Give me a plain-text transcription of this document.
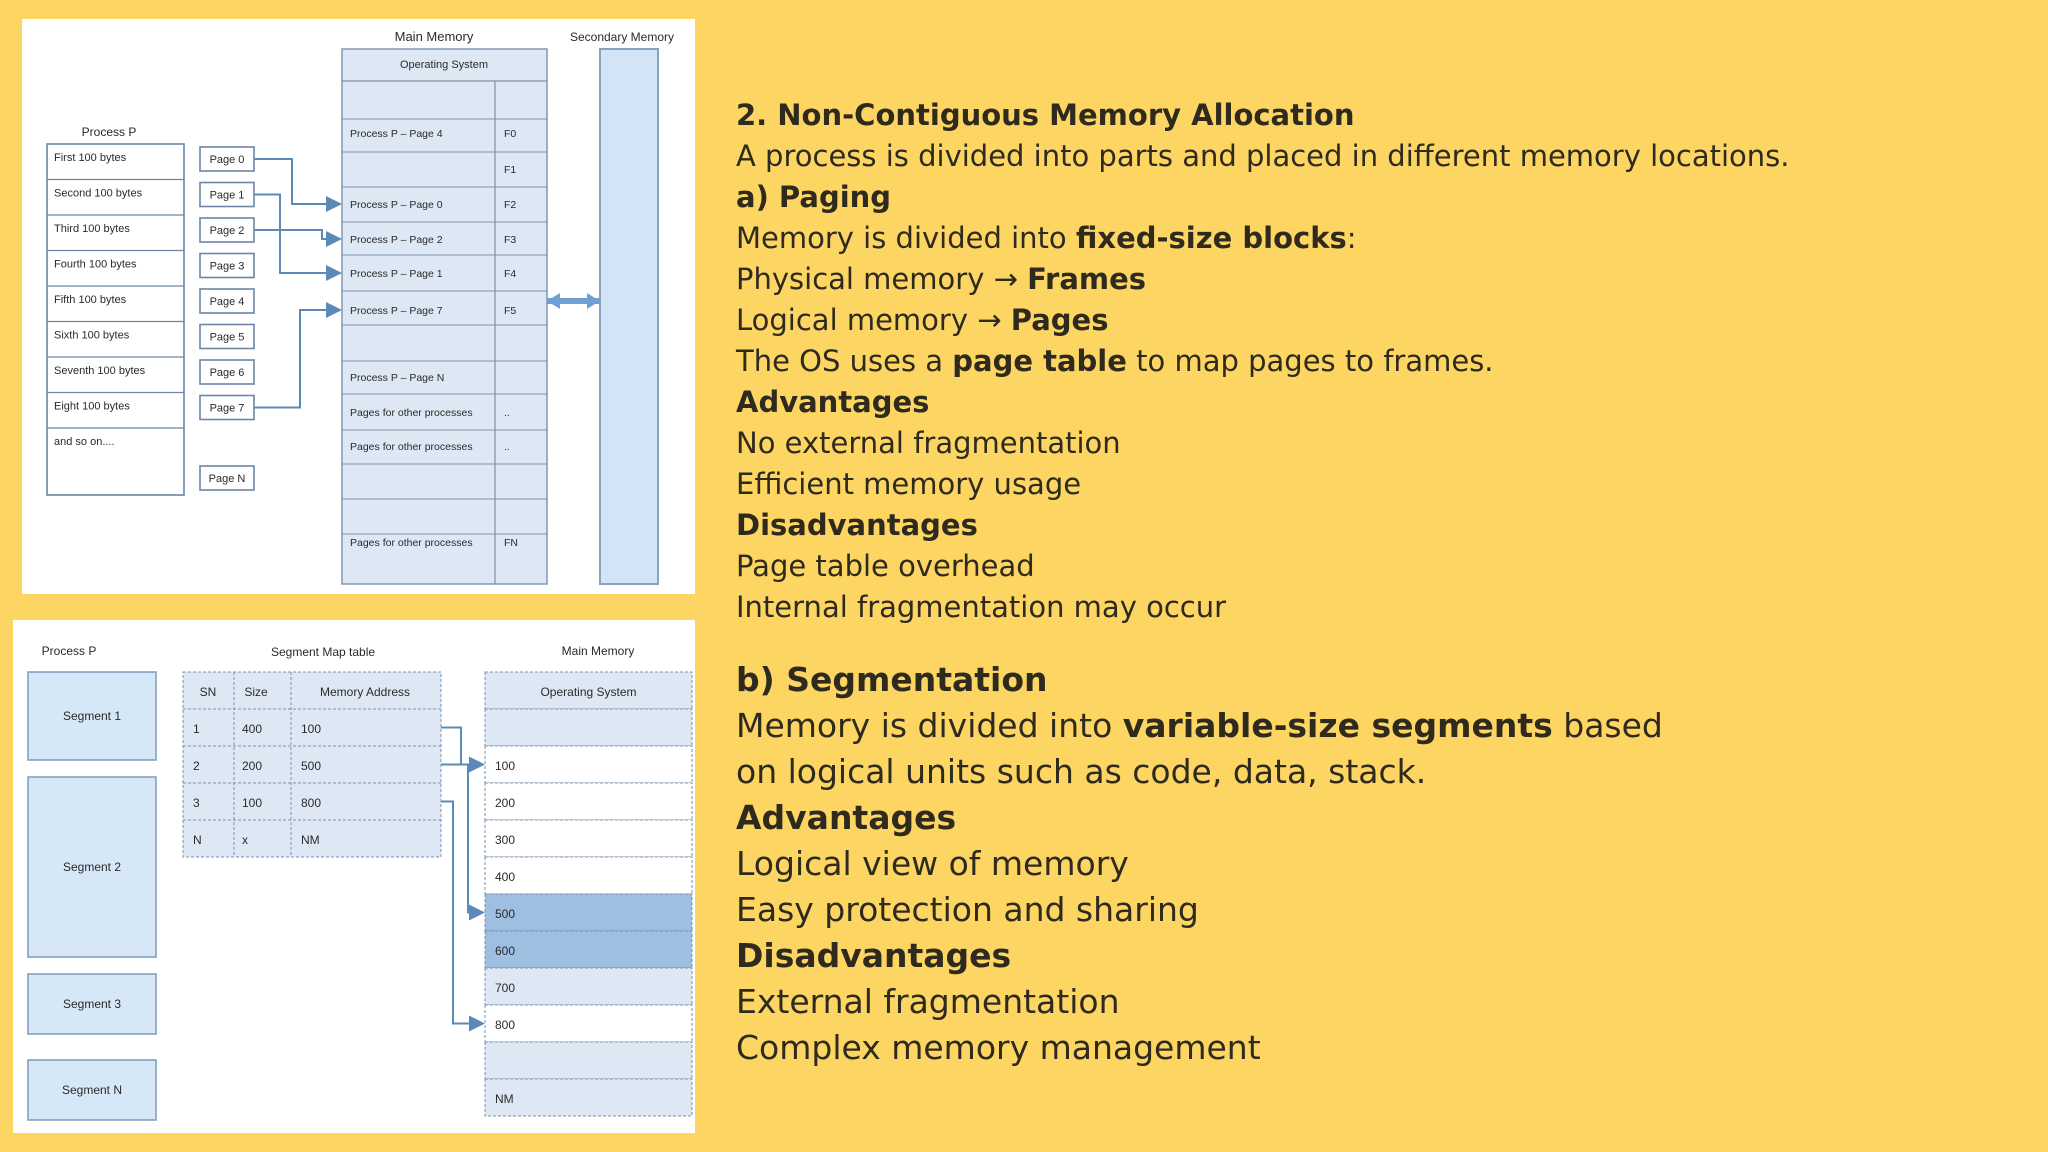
Main Memory	Secondary Memory
Operating System
Process P – Page 4	F0
F1
Process P – Page 0	F2
Process P – Page 2	F3
Process P – Page 1	F4
Process P – Page 7	F5
Process P – Page N
Pages for other processes	..
Pages for other processes	..
Pages for other processes	FN
Process P
First 100 bytes
Second 100 bytes
Third 100 bytes
Fourth 100 bytes
Fifth 100 bytes
Sixth 100 bytes
Seventh 100 bytes
Eight 100 bytes
and so on....
Page 0
Page 1
Page 2
Page 3
Page 4
Page 5
Page 6
Page 7
Page N
Process P	Segment Map table	Main Memory
Segment 1
Segment 2
Segment 3
Segment N
SN Size	Memory Address
1	400	100
2	200	500
3	100	800
N	x	NM
Operating System
100
200
300
400
500
600
700
800
NM
2. Non-Contiguous Memory Allocation
A process is divided into parts and placed in different memory locations.
a) Paging
Memory is divided into fixed-size blocks:
Physical memory → Frames
Logical memory → Pages
The OS uses a page table to map pages to frames.
Advantages
No external fragmentation
Efficient memory usage
Disadvantages
Page table overhead
Internal fragmentation may occur
b) Segmentation
Memory is divided into variable-size segments based
on logical units such as code, data, stack.
Advantages
Logical view of memory
Easy protection and sharing
Disadvantages
External fragmentation
Complex memory management
